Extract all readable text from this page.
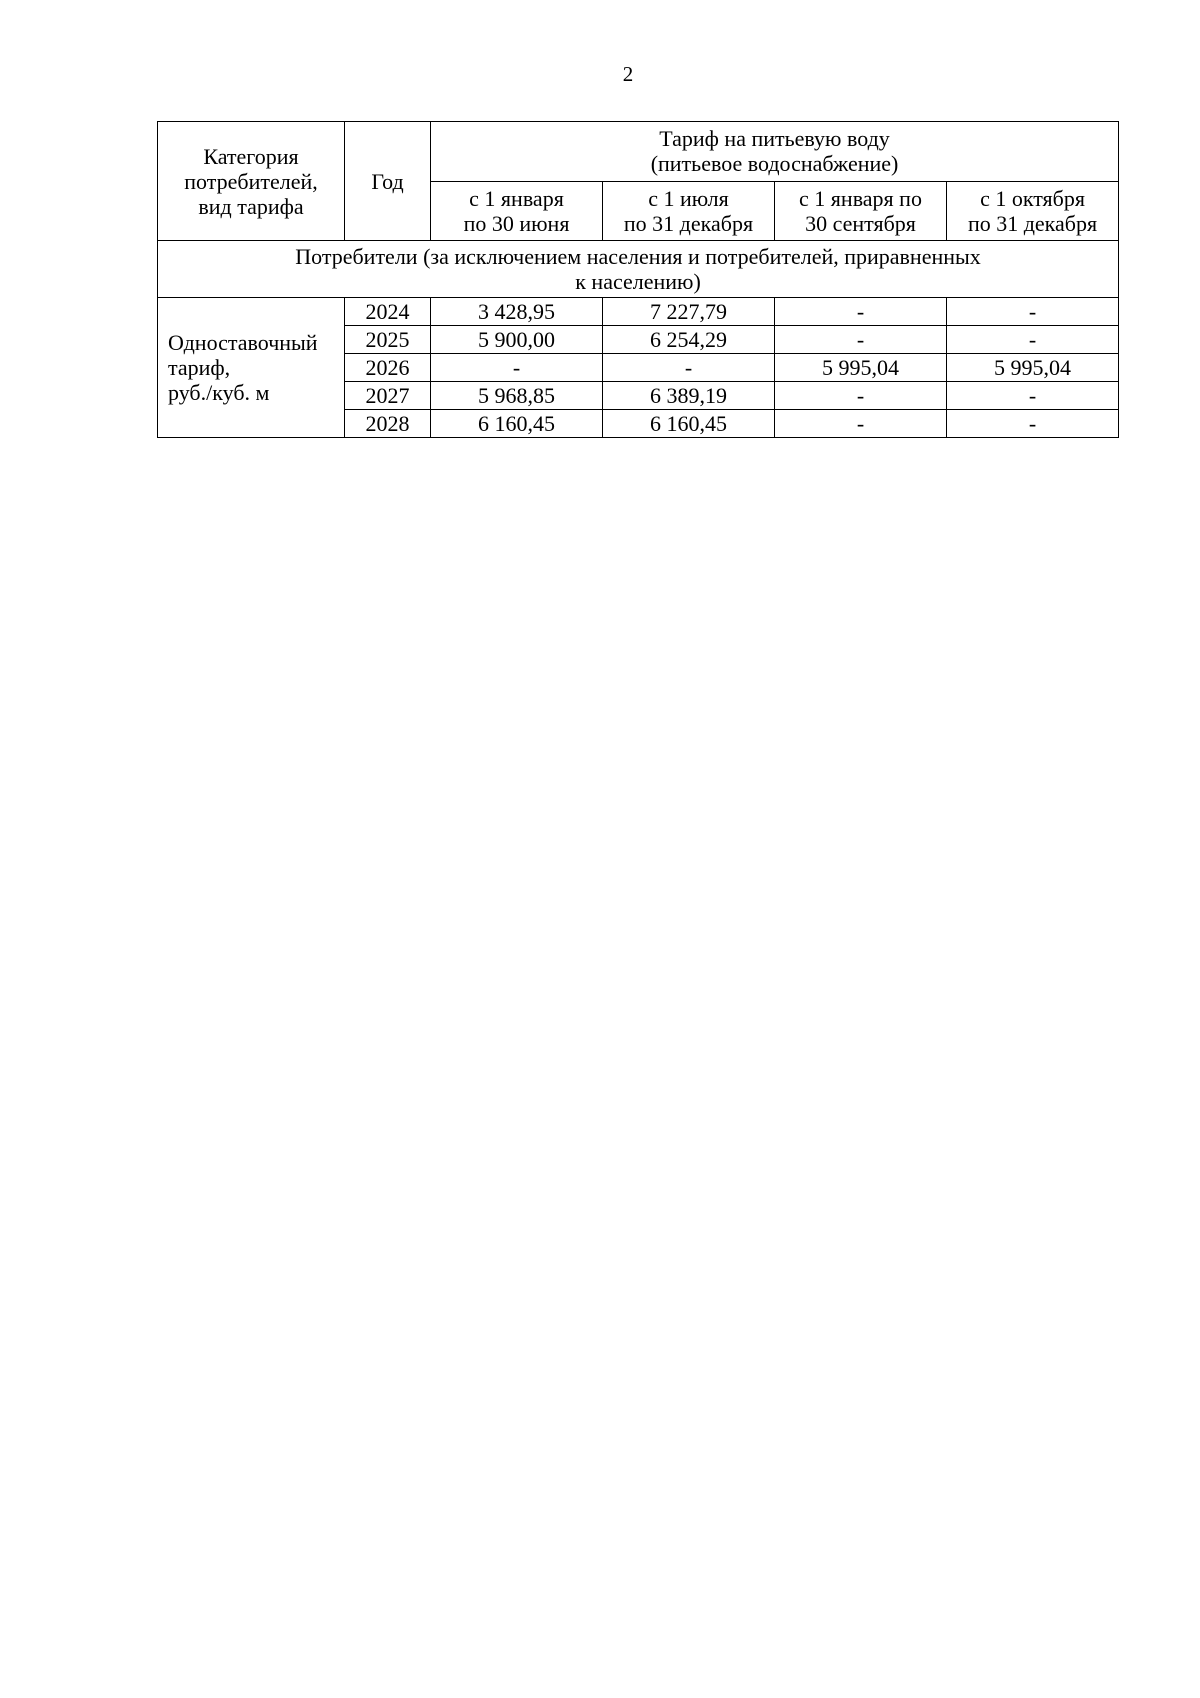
2
Категория
потребителей,
вид тарифа	Год	Тариф на питьевую воду
(питьевое водоснабжение)			

		с 1 января
по 30 июня	с 1 июля
по 31 декабря	с 1 января по
30 сентября	с 1 октября
по 31 декабря

Потребители (за исключением населения и потребителей, приравненных
к населению)					

Одноставочный
тариф,
руб./куб. м	2024	3 428,95	7 227,79	-	-
	2025	5 900,00	6 254,29	-	-
	2026	-	-	5 995,04	5 995,04
	2027	5 968,85	6 389,19	-	-
	2028	6 160,45	6 160,45	-	-
